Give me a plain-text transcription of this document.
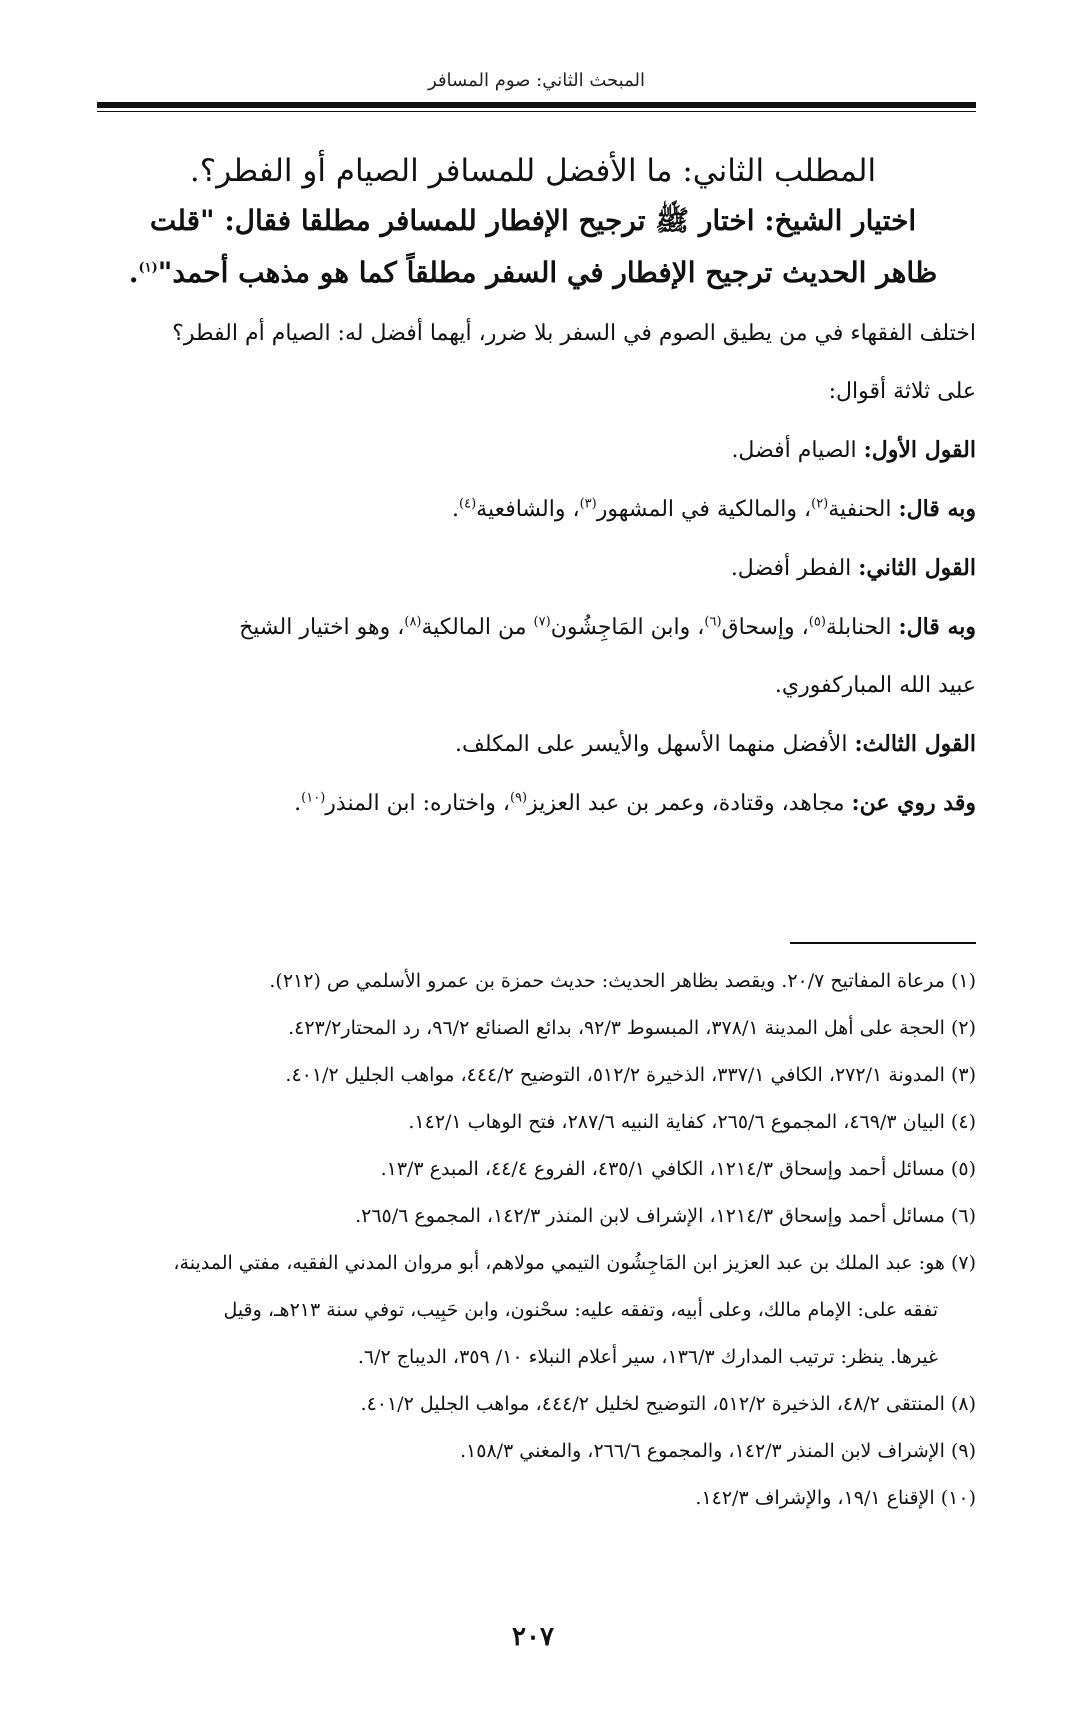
المبحث الثاني: صوم المسافر

المطلب الثاني: ما الأفضل للمسافر الصيام أو الفطر؟.

اختيار الشيخ: اختار ﷺ ترجيح الإفطار للمسافر مطلقا فقال: "قلت

ظاهر الحديث ترجيح الإفطار في السفر مطلقاً كما هو مذهب أحمد"$^{(١)}$.

اختلف الفقهاء في من يطيق الصوم في السفر بلا ضرر، أيهما أفضل له: الصيام أم الفطر؟

على ثلاثة أقوال:

القول الأول: الصيام أفضل.

وبه قال: الحنفية$^{(٢)}$، والمالكية في المشهور$^{(٣)}$، والشافعية$^{(٤)}$.

القول الثاني: الفطر أفضل.

وبه قال: الحنابلة$^{(٥)}$، وإسحاق$^{(٦)}$، وابن المَاجِشُون$^{(٧)}$ من المالكية$^{(٨)}$، وهو اختيار الشيخ

عبيد الله المباركفوري.

القول الثالث: الأفضل منهما الأسهل والأيسر على المكلف.

وقد روي عن: مجاهد، وقتادة، وعمر بن عبد العزيز$^{(٩)}$، واختاره: ابن المنذر$^{(١٠)}$.

(١) مرعاة المفاتيح ٢٠/٧. ويقصد بظاهر الحديث: حديث حمزة بن عمرو الأسلمي ص (٢١٢).

(٢) الحجة على أهل المدينة ٣٧٨/١، المبسوط ٩٢/٣، بدائع الصنائع ٩٦/٢، رد المحتار٤٢٣/٢.

(٣) المدونة ٢٧٢/١، الكافي ٣٣٧/١، الذخيرة ٥١٢/٢، التوضيح ٤٤٤/٢، مواهب الجليل ٤٠١/٢.

(٤) البيان ٤٦٩/٣، المجموع ٢٦٥/٦، كفاية النبيه ٢٨٧/٦، فتح الوهاب ١٤٢/١.

(٥) مسائل أحمد وإسحاق ١٢١٤/٣، الكافي ٤٣٥/١، الفروع ٤٤/٤، المبدع ١٣/٣.

(٦) مسائل أحمد وإسحاق ١٢١٤/٣، الإشراف لابن المنذر ١٤٢/٣، المجموع ٢٦٥/٦.

(٧) هو: عبد الملك بن عبد العزيز ابن المَاجِشُون التيمي مولاهم، أبو مروان المدني الفقيه، مفتي المدينة،

تفقه على: الإمام مالك، وعلى أبيه، وتفقه عليه: سحْنون، وابن حَبِيب، توفي سنة ٢١٣هـ، وقيل

غيرها. ينظر: ترتيب المدارك ١٣٦/٣، سير أعلام النبلاء ١٠/ ٣٥٩، الديباج ٦/٢.

(٨) المنتقى ٤٨/٢، الذخيرة ٥١٢/٢، التوضيح لخليل ٤٤٤/٢، مواهب الجليل ٤٠١/٢.

(٩) الإشراف لابن المنذر ١٤٢/٣، والمجموع ٢٦٦/٦، والمغني ١٥٨/٣.

(١٠) الإقناع ١٩/١، والإشراف ١٤٢/٣.

٢٠٧
